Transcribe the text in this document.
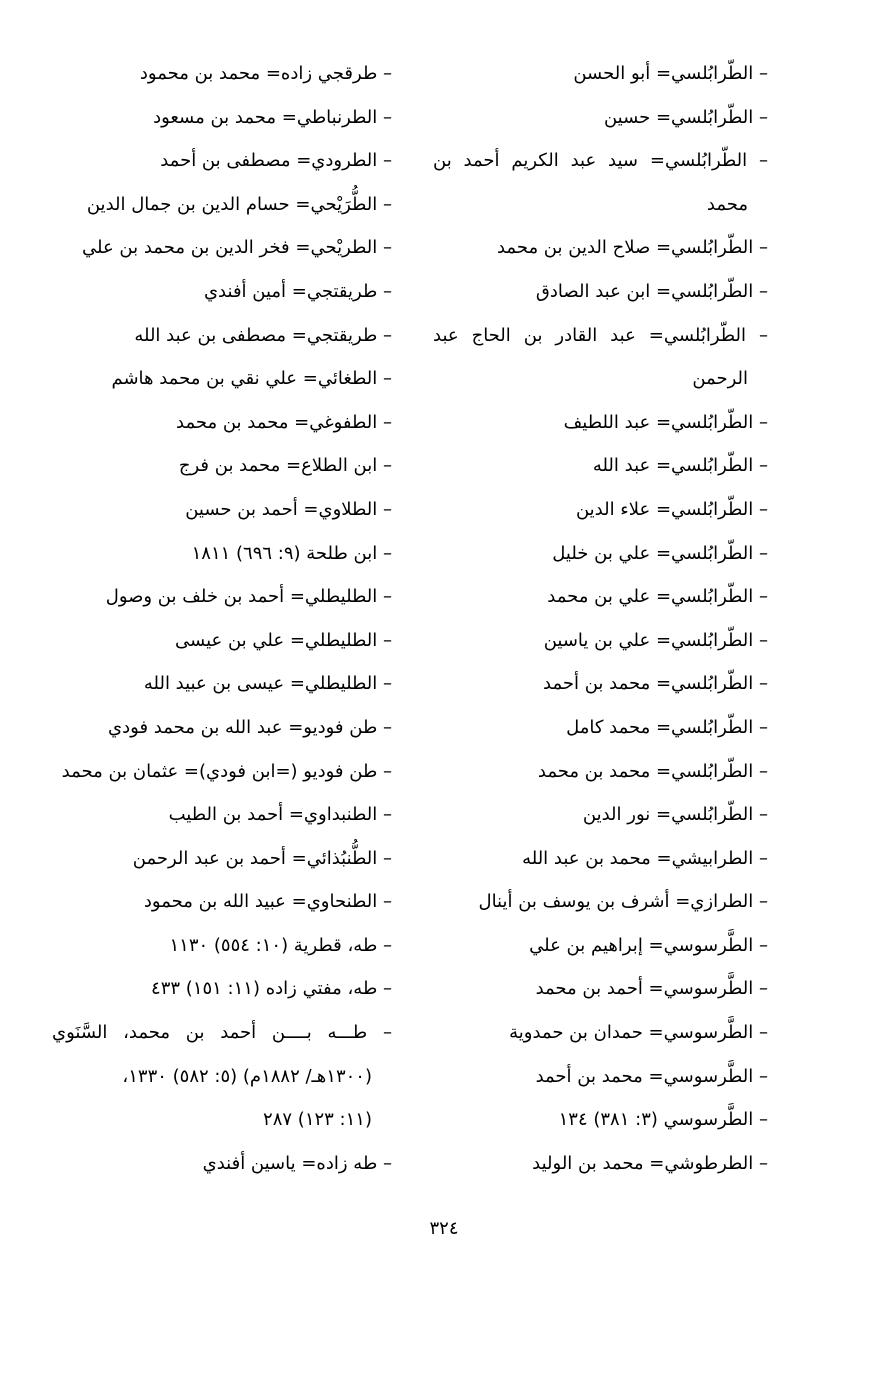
– الطّرابُلسي= أبو الحسن
– الطّرابُلسي= حسين
– الطّرابُلسي= سيد عبد الكريم أحمد بن
محمد
– الطّرابُلسي= صلاح الدين بن محمد
– الطّرابُلسي= ابن عبد الصادق
– الطّرابُلسي= عبد القادر بن الحاج عبد
الرحمن
– الطّرابُلسي= عبد اللطيف
– الطّرابُلسي= عبد الله
– الطّرابُلسي= علاء الدين
– الطّرابُلسي= علي بن خليل
– الطّرابُلسي= علي بن محمد
– الطّرابُلسي= علي بن ياسين
– الطّرابُلسي= محمد بن أحمد
– الطّرابُلسي= محمد كامل
– الطّرابُلسي= محمد بن محمد
– الطّرابُلسي= نور الدين
– الطرابيشي= محمد بن عبد الله
– الطرازي= أشرف بن يوسف بن أينال
– الطَّرسوسي= إبراهيم بن علي
– الطَّرسوسي= أحمد بن محمد
– الطَّرسوسي= حمدان بن حمدوية
– الطَّرسوسي= محمد بن أحمد
– الطَّرسوسي (٣: ٣٨١) ١٣٤
– الطرطوشي= محمد بن الوليد
– طرقجي زاده= محمد بن محمود
– الطرنباطي= محمد بن مسعود
– الطرودي= مصطفى بن أحمد
– الطُّرَيْحي= حسام الدين بن جمال الدين
– الطريْحي= فخر الدين بن محمد بن علي
– طريقتجي= أمين أفندي
– طريقتجي= مصطفى بن عبد الله
– الطغائي= علي نقي بن محمد هاشم
– الطفوغي= محمد بن محمد
– ابن الطلاع= محمد بن فرج
– الطلاوي= أحمد بن حسين
– ابن طلحة (٩: ٦٩٦) ١٨١١
– الطليطلي= أحمد بن خلف بن وصول
– الطليطلي= علي بن عيسى
– الطليطلي= عيسى بن عبيد الله
– طن فوديو= عبد الله بن محمد فودي
– طن فوديو (=ابن فودي)= عثمان بن محمد
– الطنبداوي= أحمد بن الطيب
– الطُّنبُذائي= أحمد بن عبد الرحمن
– الطنحاوي= عبيد الله بن محمود
– طه، قطرية (١٠: ٥٥٤) ١١٣٠
– طه، مفتي زاده (١١: ١٥١) ٤٣٣
– طـــه بــــن أحمد بن محمد، السَّنَوي
(١٣٠٠هـ/ ١٨٨٢م) (٥: ٥٨٢) ١٣٣٠،
(١١: ١٢٣) ٢٨٧
– طه زاده= ياسين أفندي
٣٢٤
